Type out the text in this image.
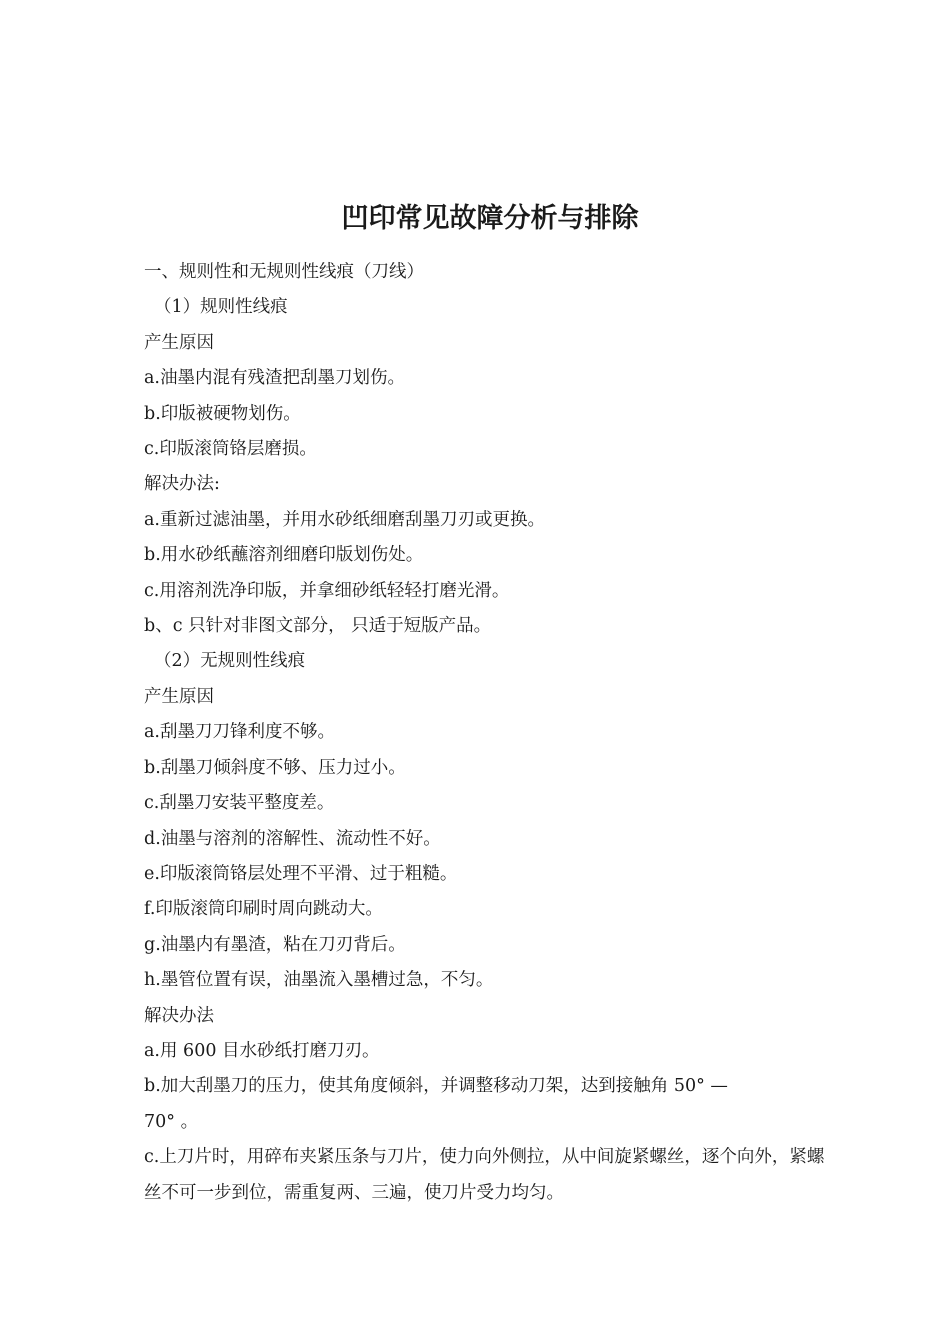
凹印常见故障分析与排除

一、规则性和无规则性线痕（刀线）

（1）规则性线痕

产生原因

a.油墨内混有残渣把刮墨刀划伤。

b.印版被硬物划伤。

c.印版滚筒铬层磨损。

解决办法:

a.重新过滤油墨，并用水砂纸细磨刮墨刀刃或更换。

b.用水砂纸蘸溶剂细磨印版划伤处。

c.用溶剂洗净印版，并拿细砂纸轻轻打磨光滑。

b、c 只针对非图文部分， 只适于短版产品。

（2）无规则性线痕

产生原因

a.刮墨刀刀锋利度不够。

b.刮墨刀倾斜度不够、压力过小。

c.刮墨刀安装平整度差。

d.油墨与溶剂的溶解性、流动性不好。

e.印版滚筒铬层处理不平滑、过于粗糙。

f.印版滚筒印刷时周向跳动大。

g.油墨内有墨渣，粘在刀刃背后。

h.墨管位置有误，油墨流入墨槽过急，不匀。

解决办法

a.用 600 目水砂纸打磨刀刃。

b.加大刮墨刀的压力，使其角度倾斜，并调整移动刀架，达到接触角 50° —

70° 。

c.上刀片时，用碎布夹紧压条与刀片，使力向外侧拉，从中间旋紧螺丝，逐个向外，紧螺

丝不可一步到位，需重复两、三遍，使刀片受力均匀。
